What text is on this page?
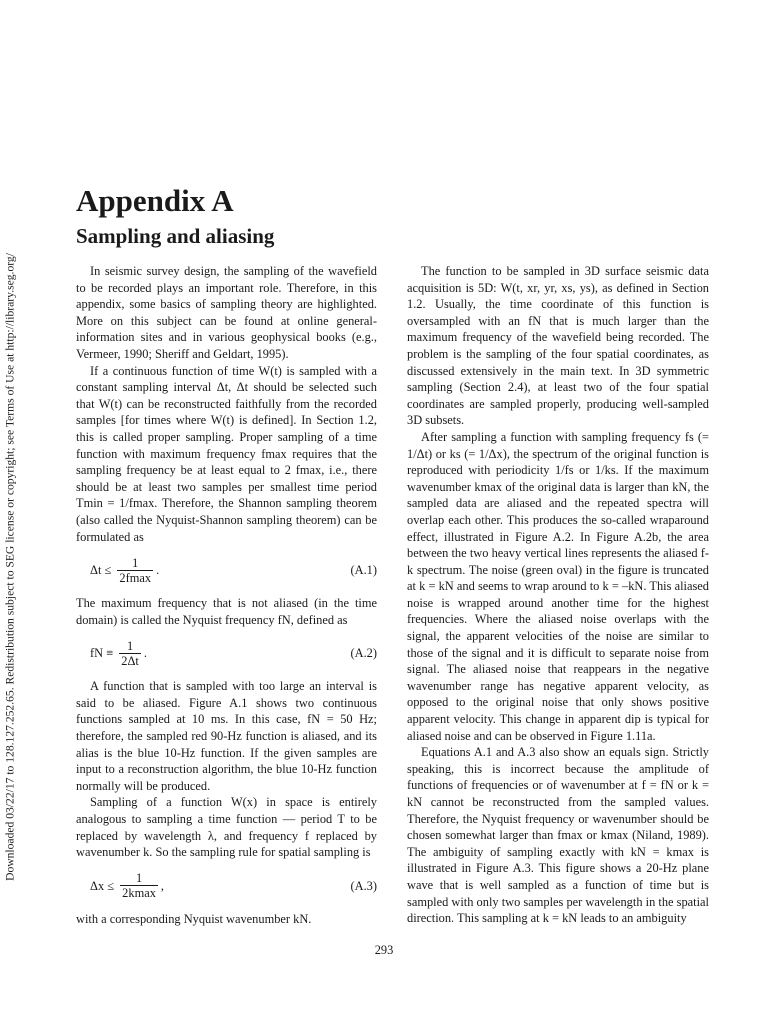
Downloaded 03/22/17 to 128.127.252.65. Redistribution subject to SEG license or copyright; see Terms of Use at http://library.seg.org/
Appendix A
Sampling and aliasing

In seismic survey design, the sampling of the wavefield to be recorded plays an important role. Therefore, in this appendix, some basics of sampling theory are highlighted. More on this subject can be found at online general-information sites and in various geophysical books (e.g., Vermeer, 1990; Sheriff and Geldart, 1995).

If a continuous function of time W(t) is sampled with a constant sampling interval Δt, Δt should be selected such that W(t) can be reconstructed faithfully from the recorded samples [for times where W(t) is defined]. In Section 1.2, this is called proper sampling. Proper sampling of a time function with maximum frequency fmax requires that the sampling frequency be at least equal to 2 fmax, i.e., there should be at least two samples per smallest time period Tmin = 1/fmax. Therefore, the Shannon sampling theorem (also called the Nyquist-Shannon sampling theorem) can be formulated as

$\Delta t \le \frac{1}{2fmax}$ .	(A.1)

The maximum frequency that is not aliased (in the time domain) is called the Nyquist frequency fN, defined as

fN ≡ $\frac{1}{2\Delta t}$ .	(A.2)

A function that is sampled with too large an interval is said to be aliased. Figure A.1 shows two continuous functions sampled at 10 ms. In this case, fN = 50 Hz; therefore, the sampled red 90-Hz function is aliased, and its alias is the blue 10-Hz function. If the given samples are input to a reconstruction algorithm, the blue 10-Hz function normally will be produced.

Sampling of a function W(x) in space is entirely analogous to sampling a time function — period T to be replaced by wavelength λ, and frequency f replaced by wavenumber k. So the sampling rule for spatial sampling is

$\Delta x \le \frac{1}{2kmax}$ ,	(A.3)

with a corresponding Nyquist wavenumber kN.

The function to be sampled in 3D surface seismic data acquisition is 5D: W(t, xr, yr, xs, ys), as defined in Section 1.2. Usually, the time coordinate of this function is oversampled with an fN that is much larger than the maximum frequency of the wavefield being recorded. The problem is the sampling of the four spatial coordinates, as discussed extensively in the main text. In 3D symmetric sampling (Section 2.4), at least two of the four spatial coordinates are sampled properly, producing well-sampled 3D subsets.

After sampling a function with sampling frequency fs (= 1/Δt) or ks (= 1/Δx), the spectrum of the original function is reproduced with periodicity 1/fs or 1/ks. If the maximum wavenumber kmax of the original data is larger than kN, the sampled data are aliased and the repeated spectra will overlap each other. This produces the so-called wraparound effect, illustrated in Figure A.2. In Figure A.2b, the area between the two heavy vertical lines represents the aliased f-k spectrum. The noise (green oval) in the figure is truncated at k = kN and seems to wrap around to k = –kN. This aliased noise is wrapped around another time for the highest frequencies. Where the aliased noise overlaps with the signal, the apparent velocities of the noise are similar to those of the signal and it is difficult to separate noise from signal. The aliased noise that reappears in the negative wavenumber range has negative apparent velocity, as opposed to the original noise that only shows positive apparent velocity. This change in apparent dip is typical for aliased noise and can be observed in Figure 1.11a.

Equations A.1 and A.3 also show an equals sign. Strictly speaking, this is incorrect because the amplitude of functions of frequencies or of wavenumber at f = fN or k = kN cannot be reconstructed from the sampled values. Therefore, the Nyquist frequency or wavenumber should be chosen somewhat larger than fmax or kmax (Niland, 1989). The ambiguity of sampling exactly with kN = kmax is illustrated in Figure A.3. This figure shows a 20-Hz plane wave that is well sampled as a function of time but is sampled with only two samples per wavelength in the spatial direction. This sampling at k = kN leads to an ambiguity

293
